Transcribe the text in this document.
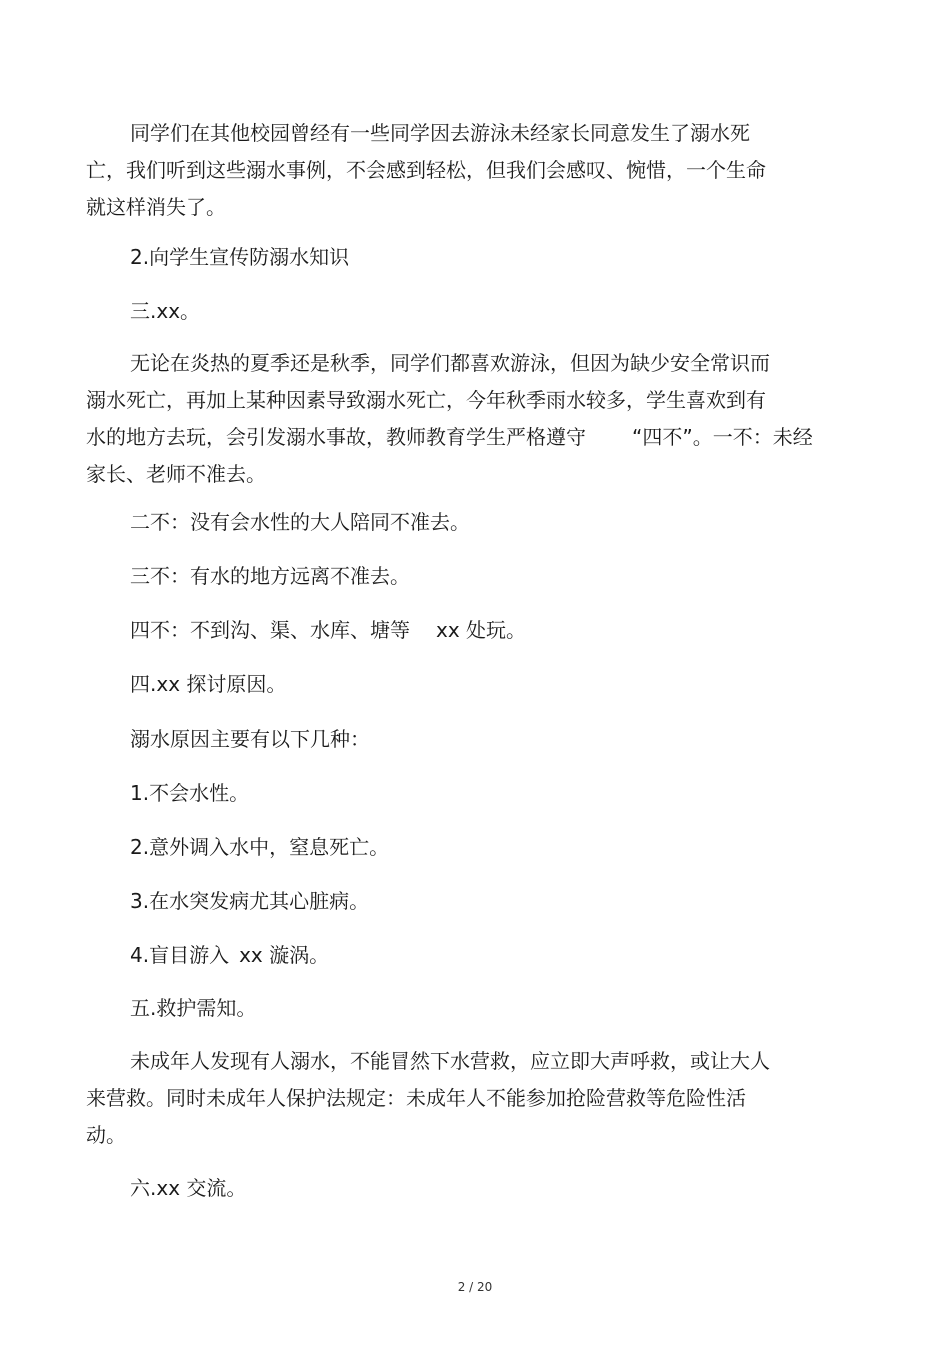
同学们在其他校园曾经有一些同学因去游泳未经家长同意发生了溺水死
亡，我们听到这些溺水事例，不会感到轻松，但我们会感叹、惋惜，一个生命
就这样消失了。
2.向学生宣传防溺水知识
三.xx。
无论在炎热的夏季还是秋季，同学们都喜欢游泳，但因为缺少安全常识而
溺水死亡，再加上某种因素导致溺水死亡，今年秋季雨水较多，学生喜欢到有
水的地方去玩，会引发溺水事故，教师教育学生严格遵守 “四不”。一不：未经
家长、老师不准去。
二不：没有会水性的大人陪同不准去。
三不：有水的地方远离不准去。
四不：不到沟、渠、水库、塘等 xx 处玩。
四.xx 探讨原因。
溺水原因主要有以下几种：
1.不会水性。
2.意外调入水中，窒息死亡。
3.在水突发病尤其心脏病。
4.盲目游入 xx 漩涡。
五.救护需知。
未成年人发现有人溺水，不能冒然下水营救，应立即大声呼救，或让大人
来营救。同时未成年人保护法规定：未成年人不能参加抢险营救等危险性活
动。
六.xx 交流。
2 / 20
